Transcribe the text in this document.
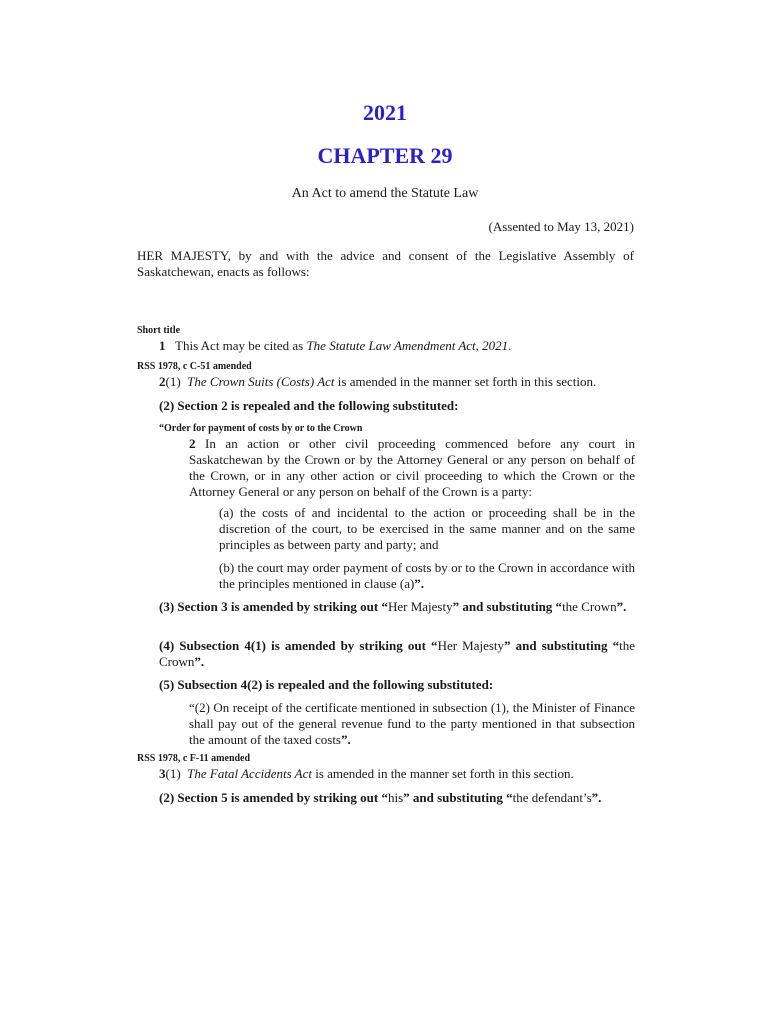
2021
CHAPTER 29
An Act to amend the Statute Law
(Assented to May 13, 2021)

HER MAJESTY, by and with the advice and consent of the Legislative Assembly of Saskatchewan, enacts as follows:

Short title

1 This Act may be cited as The Statute Law Amendment Act, 2021.

RSS 1978, c C-51 amended

2(1) The Crown Suits (Costs) Act is amended in the manner set forth in this section.

(2) Section 2 is repealed and the following substituted:

“Order for payment of costs by or to the Crown

2 In an action or other civil proceeding commenced before any court in Saskatchewan by the Crown or by the Attorney General or any person on behalf of the Crown, or in any other action or civil proceeding to which the Crown or the Attorney General or any person on behalf of the Crown is a party:

(a) the costs of and incidental to the action or proceeding shall be in the discretion of the court, to be exercised in the same manner and on the same principles as between party and party; and

(b) the court may order payment of costs by or to the Crown in accordance with the principles mentioned in clause (a)”.

(3) Section 3 is amended by striking out “Her Majesty” and substituting “the Crown”.

(4) Subsection 4(1) is amended by striking out “Her Majesty” and substituting “the Crown”.

(5) Subsection 4(2) is repealed and the following substituted:

“(2) On receipt of the certificate mentioned in subsection (1), the Minister of Finance shall pay out of the general revenue fund to the party mentioned in that subsection the amount of the taxed costs”.

RSS 1978, c F-11 amended

3(1) The Fatal Accidents Act is amended in the manner set forth in this section.

(2) Section 5 is amended by striking out “his” and substituting “the defendant’s”.
